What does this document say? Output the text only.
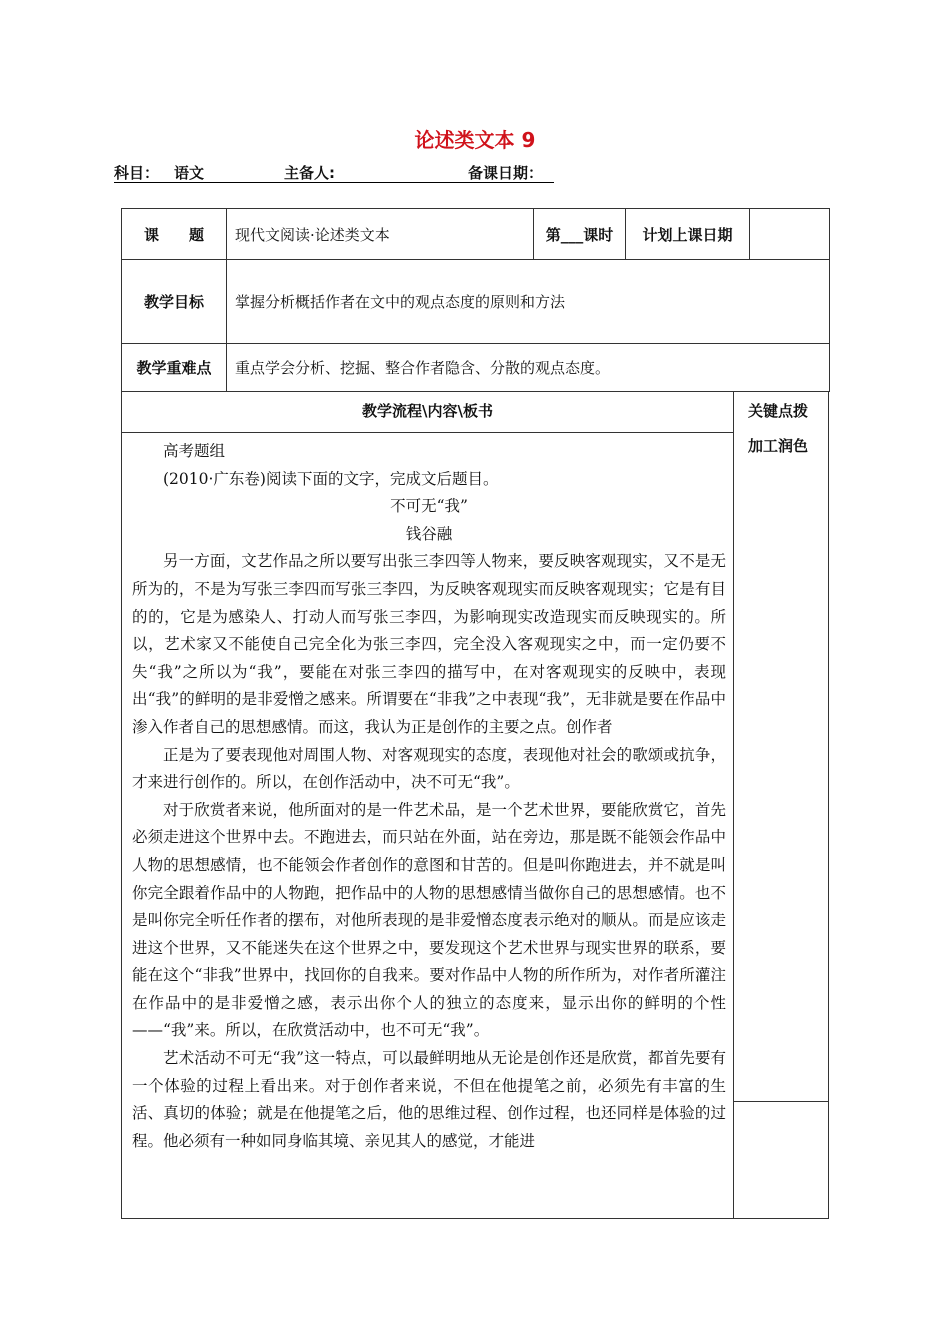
论述类文本 9
科目： 语文	主备人:	备课日期：
课　　题	现代文阅读·论述类文本	第___课时	计划上课日期	
教学目标	掌握分析概括作者在文中的观点态度的原则和方法			
教学重难点	重点学会分析、挖掘、整合作者隐含、分散的观点态度。			
教学流程\内容\板书	关键点拨
加工润色

高考题组

(2010·广东卷)阅读下面的文字，完成文后题目。

不可无“我”

钱谷融

另一方面，文艺作品之所以要写出张三李四等人物来，要反映客观现实，又不是无所为的，不是为写张三李四而写张三李四，为反映客观现实而反映客观现实；它是有目的的，它是为感染人、打动人而写张三李四，为影响现实改造现实而反映现实的。所以，艺术家又不能使自己完全化为张三李四，完全没入客观现实之中，而一定仍要不失“我”之所以为“我”，要能在对张三李四的描写中，在对客观现实的反映中，表现出“我”的鲜明的是非爱憎之感来。所谓要在“非我”之中表现“我”，无非就是要在作品中渗入作者自己的思想感情。而这，我认为正是创作的主要之点。创作者

正是为了要表现他对周围人物、对客观现实的态度，表现他对社会的歌颂或抗争，才来进行创作的。所以，在创作活动中，决不可无“我”。

对于欣赏者来说，他所面对的是一件艺术品，是一个艺术世界，要能欣赏它，首先必须走进这个世界中去。不跑进去，而只站在外面，站在旁边，那是既不能领会作品中人物的思想感情，也不能领会作者创作的意图和甘苦的。但是叫你跑进去，并不就是叫你完全跟着作品中的人物跑，把作品中的人物的思想感情当做你自己的思想感情。也不是叫你完全听任作者的摆布，对他所表现的是非爱憎态度表示绝对的顺从。而是应该走进这个世界，又不能迷失在这个世界之中，要发现这个艺术世界与现实世界的联系，要能在这个“非我”世界中，找回你的自我来。要对作品中人物的所作所为，对作者所灌注在作品中的是非爱憎之感，表示出你个人的独立的态度来，显示出你的鲜明的个性——“我”来。所以，在欣赏活动中，也不可无“我”。

艺术活动不可无“我”这一特点，可以最鲜明地从无论是创作还是欣赏，都首先要有一个体验的过程上看出来。对于创作者来说，不但在他提笔之前，必须先有丰富的生活、真切的体验；就是在他提笔之后，他的思维过程、创作过程，也还同样是体验的过程。他必须有一种如同身临其境、亲见其人的感觉，才能进
